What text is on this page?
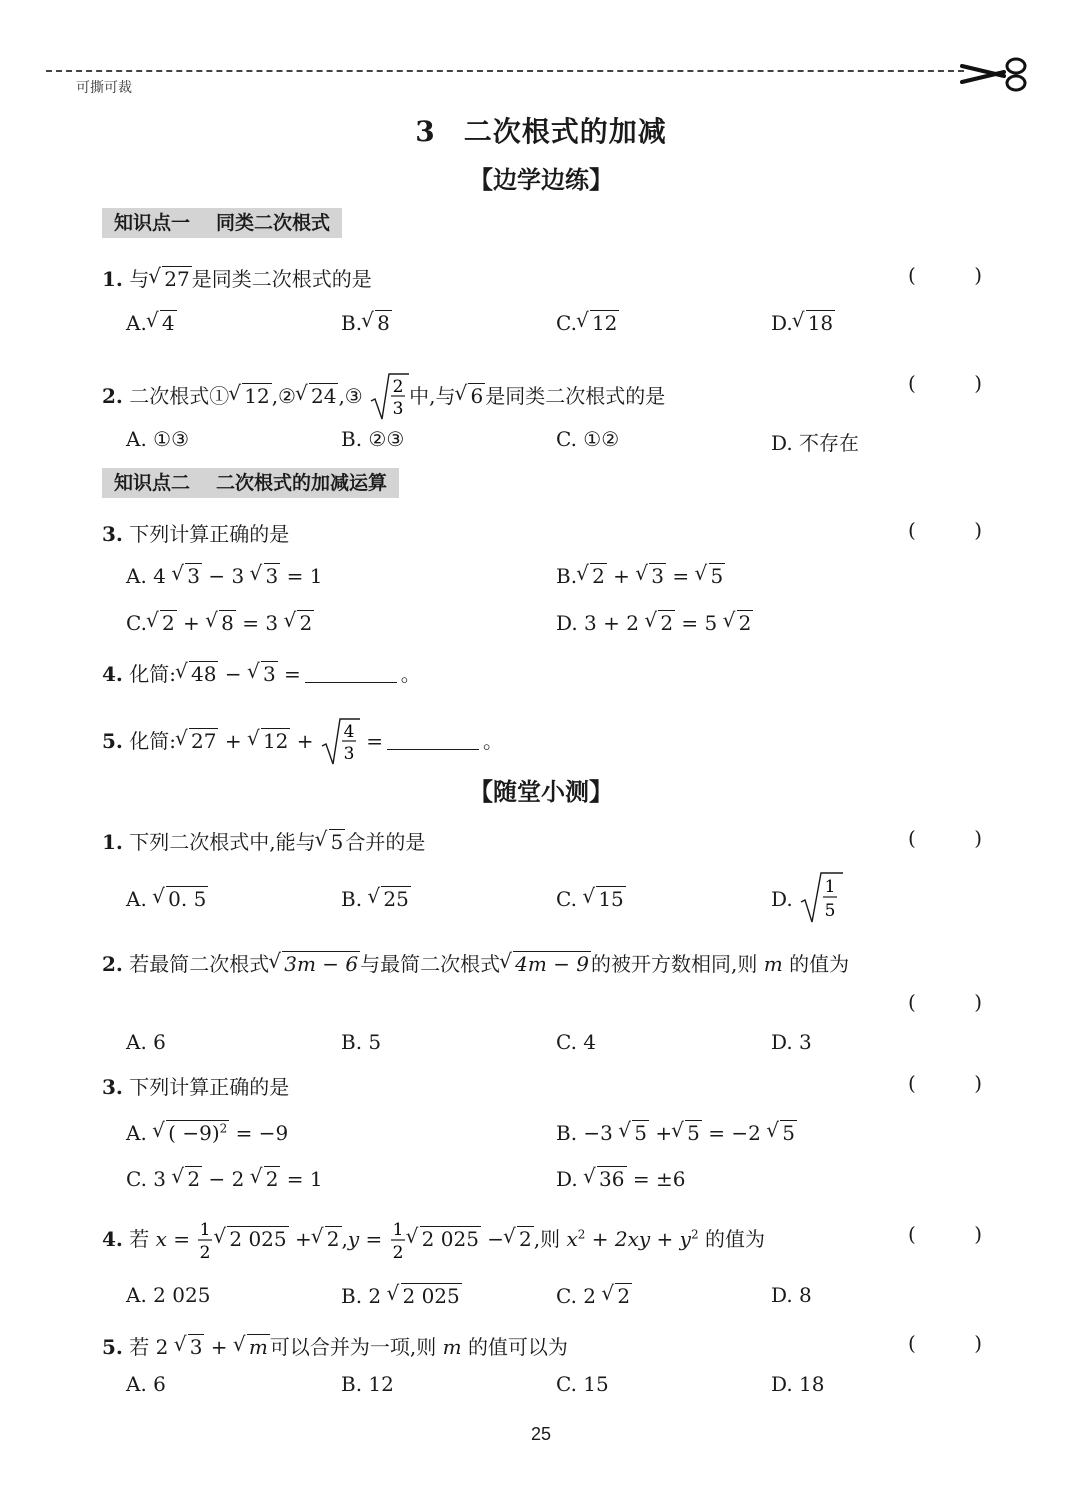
可撕可裁
3 二次根式的加减
【边学边练】
知识点一 同类二次根式
1. 与 √ 27 是同类二次根式的是	(	)
A. √ 4	B. √ 8	C. √ 12	D. √ 18
2. 二次根式① √ 12 ,② √ 24 ,③ 2
3
中,与 √ 6 是同类二次根式的是
(	)
A. ①③	B. ②③	C. ①②	D. 不存在
知识点二 二次根式的加减运算
3. 下列计算正确的是	(	)
A. 4 √ 3 − 3 √ 3 = 1	B. √ 2 + √ 3 = √ 5
C. √ 2 + √ 8 = 3 √ 2	D. 3 + 2 √ 2 = 5 √ 2
4. 化简: √ 48 − √ 3 =	。
5. 化简: √ 27 + √ 12 + 4
3
=	。
【随堂小测】
1. 下列二次根式中,能与 √ 5 合并的是	(	)
A. √ 0. 5	B. √ 25	C. √ 15	D. 1
5
2. 若最简二次根式 √ 3m − 6 与最简二次根式 √ 4m − 9 的被开方数相同,则 m 的值为
(	)
A. 6	B. 5	C. 4	D. 3
3. 下列计算正确的是	(	)
A. √ ( −9)$^2$ = −9	B. −3 √ 5 + √ 5 = −2 √ 5
C. 3 √ 2 − 2 √ 2 = 1	D. √ 36 = ±6
4. 若 x = 1
2
√ 2 025 + √ 2 ,y = 1
2
√ 2 025 − √ 2 ,则 $x^2 + 2xy + y^2$ 的值为	(	)
A. 2 025	B. 2 √ 2 025	C. 2 √ 2	D. 8
5. 若 2 √ 3 + √ m 可以合并为一项,则 m 的值可以为	(	)
A. 6	B. 12	C. 15	D. 18
25
